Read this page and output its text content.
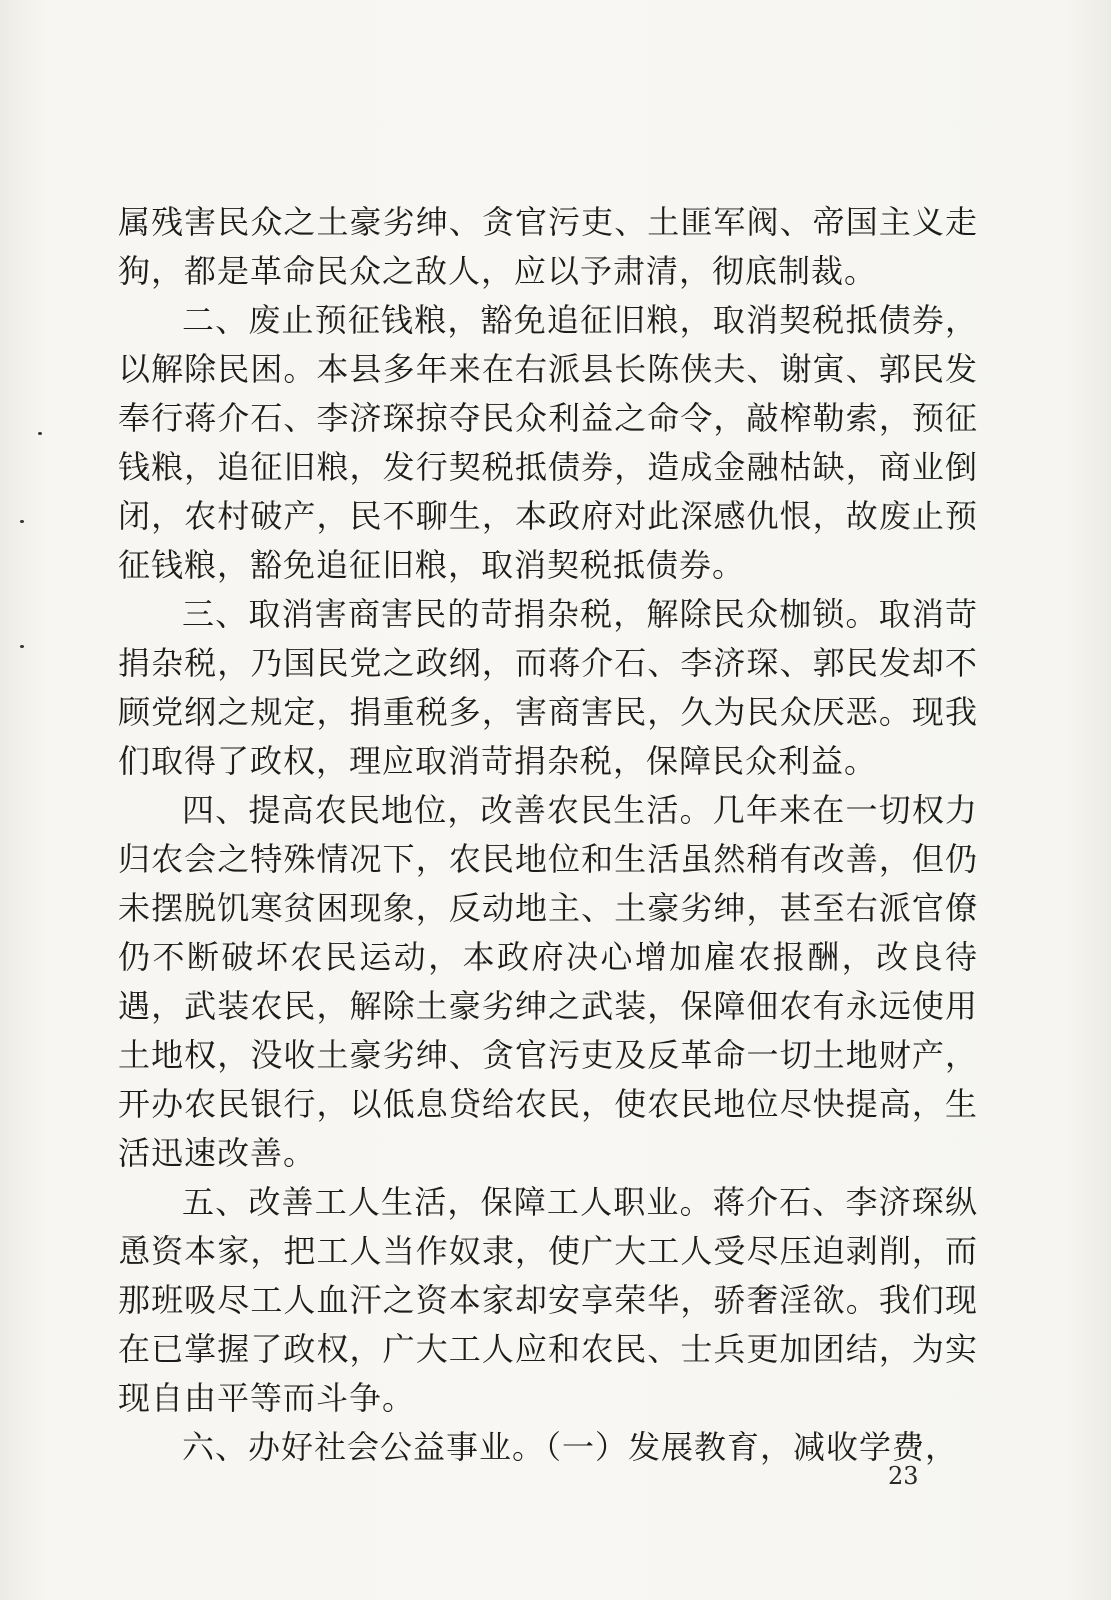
属残害民众之土豪劣绅、贪官污吏、土匪军阀、帝国主义走狗，都是革命民众之敌人，应以予肃清，彻底制裁。

二、废止预征钱粮，豁免追征旧粮，取消契税抵债券，以解除民困。本县多年来在右派县长陈侠夫、谢寅、郭民发奉行蒋介石、李济琛掠夺民众利益之命令，敲榨勒索，预征钱粮，追征旧粮，发行契税抵债券，造成金融枯缺，商业倒闭，农村破产，民不聊生，本政府对此深感仇恨，故废止预征钱粮，豁免追征旧粮，取消契税抵债券。

三、取消害商害民的苛捐杂税，解除民众枷锁。取消苛捐杂税，乃国民党之政纲，而蒋介石、李济琛、郭民发却不顾党纲之规定，捐重税多，害商害民，久为民众厌恶。现我们取得了政权，理应取消苛捐杂税，保障民众利益。

四、提高农民地位，改善农民生活。几年来在一切权力归农会之特殊情况下，农民地位和生活虽然稍有改善，但仍未摆脱饥寒贫困现象，反动地主、土豪劣绅，甚至右派官僚仍不断破坏农民运动，本政府决心增加雇农报酬，改良待遇，武装农民，解除土豪劣绅之武装，保障佃农有永远使用土地权，没收土豪劣绅、贪官污吏及反革命一切土地财产，开办农民银行，以低息贷给农民，使农民地位尽快提高，生活迅速改善。

五、改善工人生活，保障工人职业。蒋介石、李济琛纵恿资本家，把工人当作奴隶，使广大工人受尽压迫剥削，而那班吸尽工人血汗之资本家却安享荣华，骄奢淫欲。我们现在已掌握了政权，广大工人应和农民、士兵更加团结，为实现自由平等而斗争。

六、办好社会公益事业。（一）发展教育，减收学费，

23
